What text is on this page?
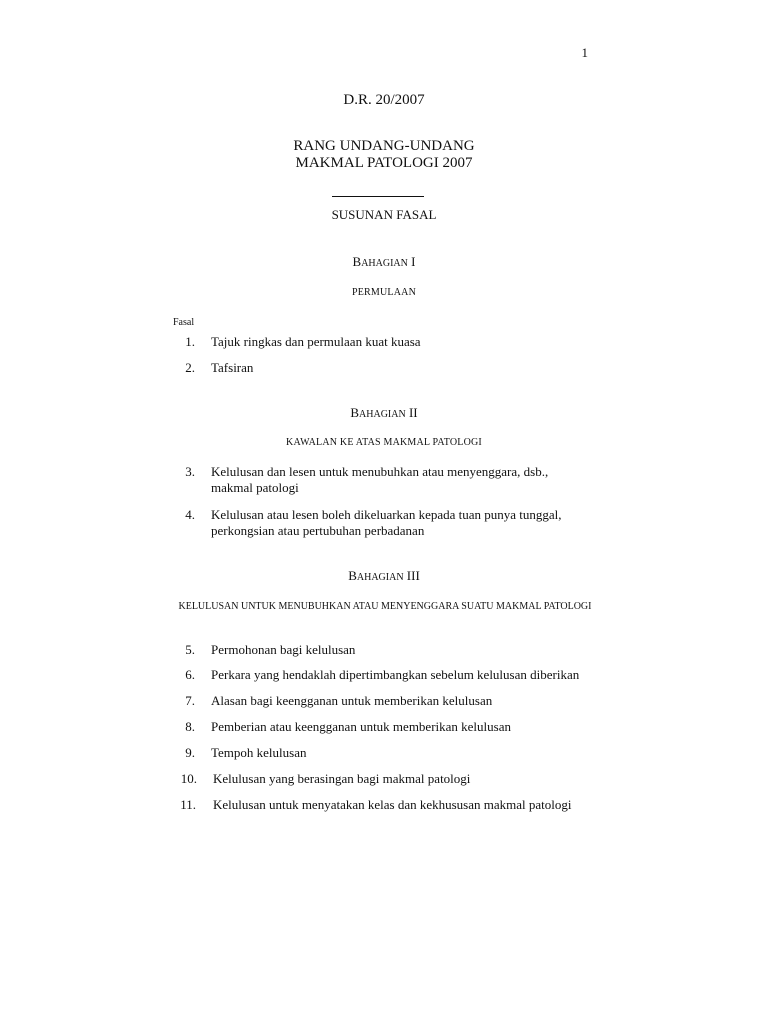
1

D.R. 20/2007

RANG UNDANG-UNDANG
MAKMAL PATOLOGI 2007

SUSUNAN FASAL

BAHAGIAN I

PERMULAAN

Fasal

1. Tajuk ringkas dan permulaan kuat kuasa
2. Tafsiran

BAHAGIAN II

KAWALAN KE ATAS MAKMAL PATOLOGI

3. Kelulusan dan lesen untuk menubuhkan atau menyenggara, dsb., makmal patologi
4. Kelulusan atau lesen boleh dikeluarkan kepada tuan punya tunggal, perkongsian atau pertubuhan perbadanan

BAHAGIAN III

KELULUSAN UNTUK MENUBUHKAN ATAU MENYENGGARA SUATU MAKMAL PATOLOGI

5. Permohonan bagi kelulusan
6. Perkara yang hendaklah dipertimbangkan sebelum kelulusan diberikan
7. Alasan bagi keengganan untuk memberikan kelulusan
8. Pemberian atau keengganan untuk memberikan kelulusan
9. Tempoh kelulusan
10. Kelulusan yang berasingan bagi makmal patologi
11. Kelulusan untuk menyatakan kelas dan kekhususan makmal patologi
